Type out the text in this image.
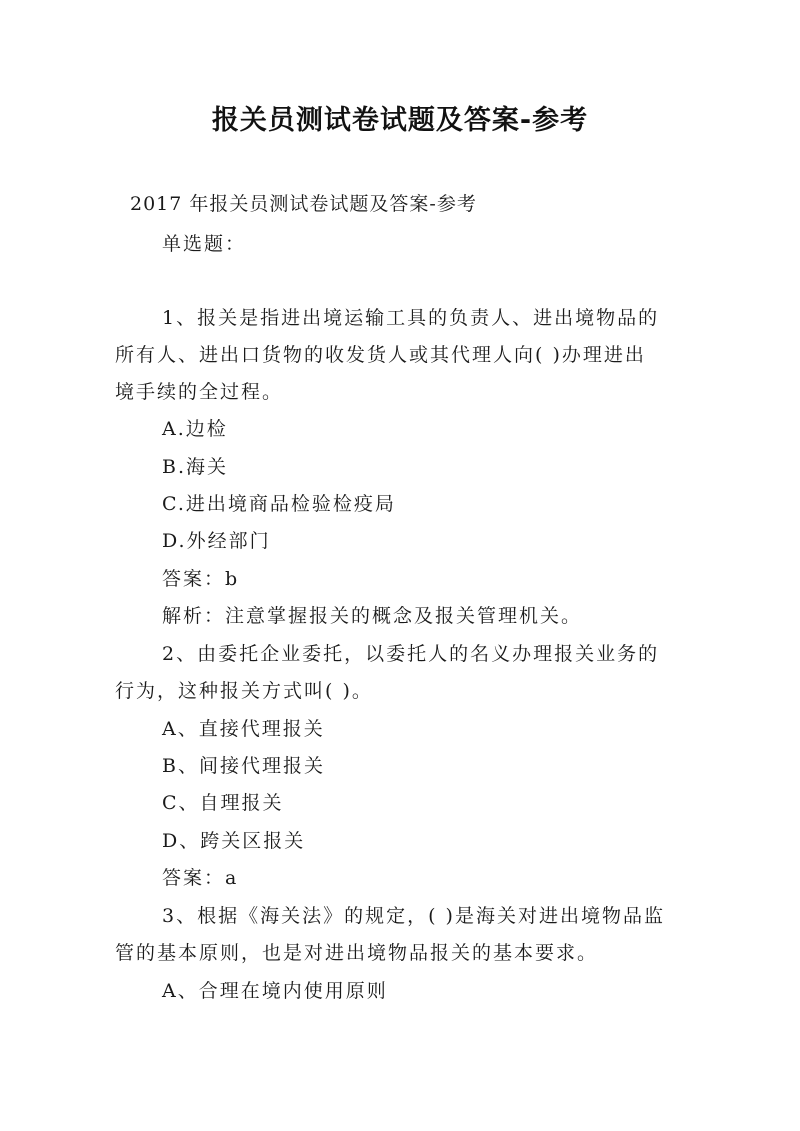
报关员测试卷试题及答案-参考

2017 年报关员测试卷试题及答案-参考

单选题：

1、报关是指进出境运输工具的负责人、进出境物品的

所有人、进出口货物的收发货人或其代理人向( )办理进出

境手续的全过程。

A.边检

B.海关

C.进出境商品检验检疫局

D.外经部门

答案：b

解析：注意掌握报关的概念及报关管理机关。

2、由委托企业委托，以委托人的名义办理报关业务的

行为，这种报关方式叫( )。

A、直接代理报关

B、间接代理报关

C、自理报关

D、跨关区报关

答案：a

3、根据《海关法》的规定，( )是海关对进出境物品监

管的基本原则，也是对进出境物品报关的基本要求。

A、合理在境内使用原则
